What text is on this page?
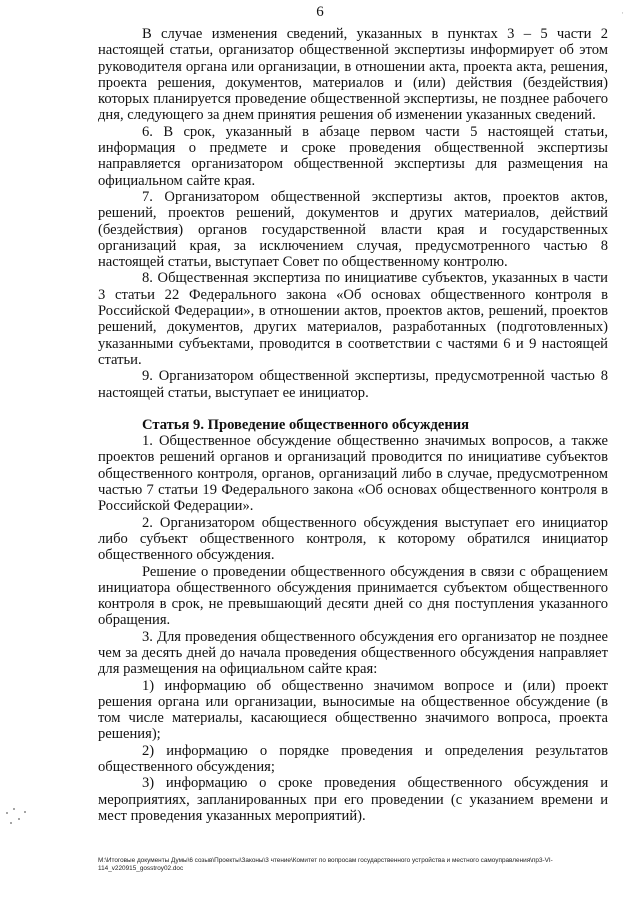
·
6

В случае изменения сведений, указанных в пунктах 3 – 5 части 2 настоящей статьи, организатор общественной экспертизы информирует об этом руководителя органа или организации, в отношении акта, проекта акта, решения, проекта решения, документов, материалов и (или) действия (бездействия) которых планируется проведение общественной экспертизы, не позднее рабочего дня, следующего за днем принятия решения об изменении указанных сведений.

6. В срок, указанный в абзаце первом части 5 настоящей статьи, информация о предмете и сроке проведения общественной экспертизы направляется организатором общественной экспертизы для размещения на официальном сайте края.

7. Организатором общественной экспертизы актов, проектов актов, решений, проектов решений, документов и других материалов, действий (бездействия) органов государственной власти края и государственных организаций края, за исключением случая, предусмотренного частью 8 настоящей статьи, выступает Совет по общественному контролю.

8. Общественная экспертиза по инициативе субъектов, указанных в части 3 статьи 22 Федерального закона «Об основах общественного контроля в Российской Федерации», в отношении актов, проектов актов, решений, проектов решений, документов, других материалов, разработанных (подготовленных) указанными субъектами, проводится в соответствии с частями 6 и 9 настоящей статьи.

9. Организатором общественной экспертизы, предусмотренной частью 8 настоящей статьи, выступает ее инициатор.

Статья 9. Проведение общественного обсуждения

1. Общественное обсуждение общественно значимых вопросов, а также проектов решений органов и организаций проводится по инициативе субъектов общественного контроля, органов, организаций либо в случае, предусмотренном частью 7 статьи 19 Федерального закона «Об основах общественного контроля в Российской Федерации».

2. Организатором общественного обсуждения выступает его инициатор либо субъект общественного контроля, к которому обратился инициатор общественного обсуждения.

Решение о проведении общественного обсуждения в связи с обращением инициатора общественного обсуждения принимается субъектом общественного контроля в срок, не превышающий десяти дней со дня поступления указанного обращения.

3. Для проведения общественного обсуждения его организатор не позднее чем за десять дней до начала проведения общественного обсуждения направляет для размещения на официальном сайте края:

1) информацию об общественно значимом вопросе и (или) проект решения органа или организации, выносимые на общественное обсуждение (в том числе материалы, касающиеся общественно значимого вопроса, проекта решения);

2) информацию о порядке проведения и определения результатов общественного обсуждения;

3) информацию о сроке проведения общественного обсуждения и мероприятиях, запланированных при его проведении (с указанием времени и мест проведения указанных мероприятий).

M:\Итоговые документы Думы\6 созыв\Проекты\Законы\3 чтение\Комитет по вопросам государственного устройства и местного самоуправления\пр3-VI-114_v220915_gosstroy02.doc
